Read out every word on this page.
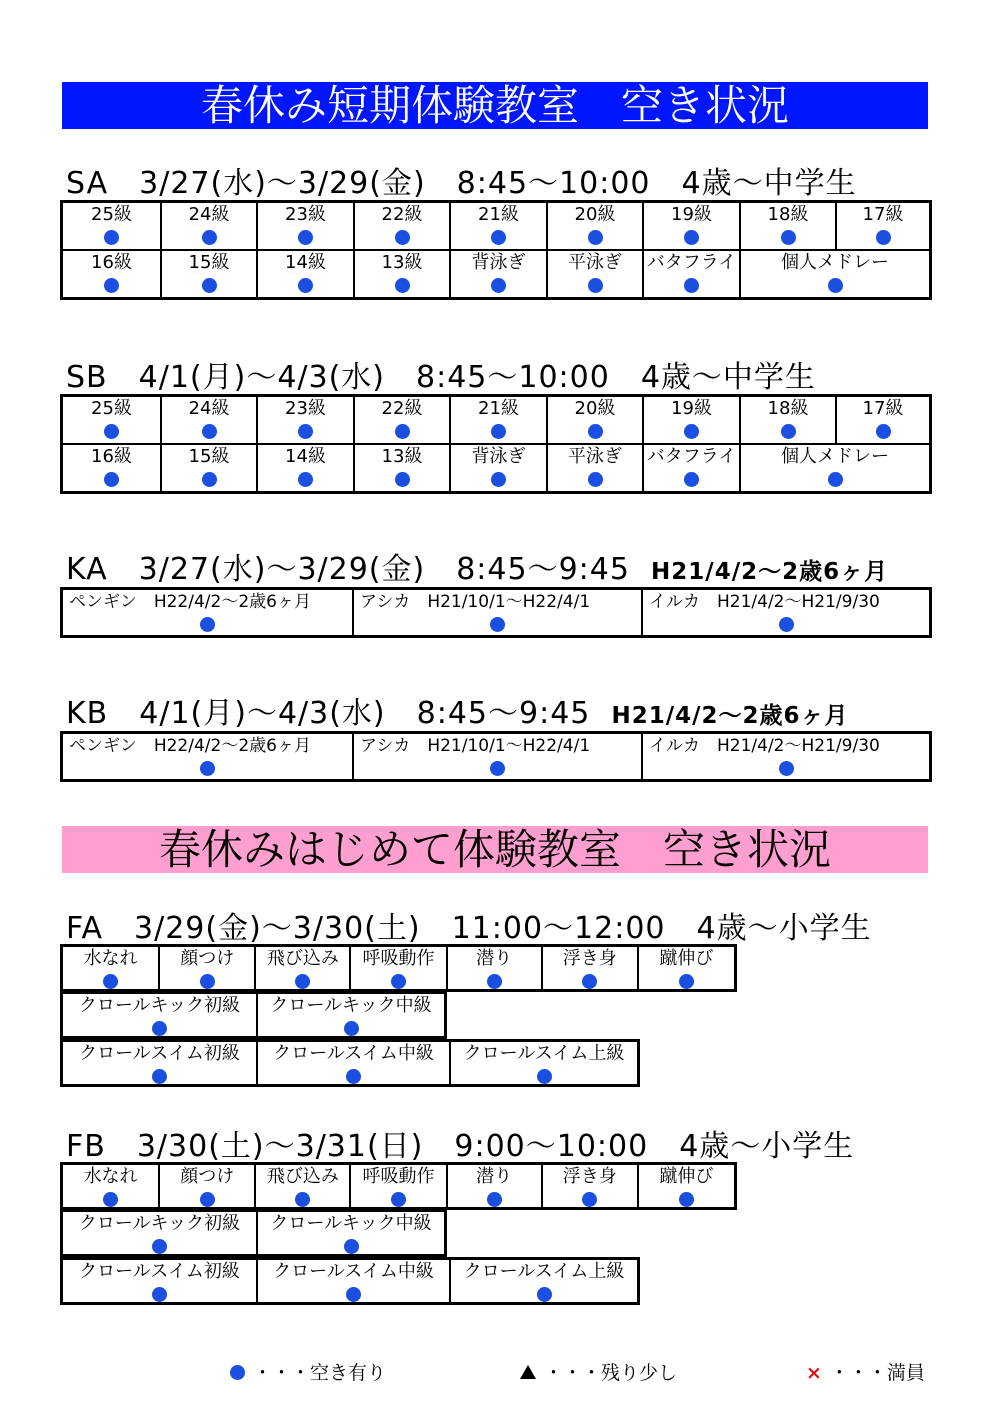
春休み短期体験教室　空き状況
SA　3/27(水)～3/29(金)　8:45～10:00　4歳～中学生
25級	24級	23級	22級	21級	20級	19級	18級	17級
16級	15級	14級	13級	背泳ぎ	平泳ぎ	バタフライ	個人メドレー
SB　4/1(月)～4/3(水)　8:45～10:00　4歳～中学生
25級	24級	23級	22級	21級	20級	19級	18級	17級
16級	15級	14級	13級	背泳ぎ	平泳ぎ	バタフライ	個人メドレー
KA　3/27(水)～3/29(金)　8:45～9:45 H21/4/2～2歳6ヶ月
ペンギン　H22/4/2～2歳6ヶ月	アシカ　H21/10/1～H22/4/1	イルカ　H21/4/2～H21/9/30
KB　4/1(月)～4/3(水)　8:45～9:45 H21/4/2～2歳6ヶ月
ペンギン　H22/4/2～2歳6ヶ月	アシカ　H21/10/1～H22/4/1	イルカ　H21/4/2～H21/9/30
春休みはじめて体験教室　空き状況
FA　3/29(金)～3/30(土)　11:00～12:00　4歳～小学生
水なれ	顔つけ	飛び込み	呼吸動作	潜り	浮き身	蹴伸び
クロールキック初級	クロールキック中級
クロールスイム初級	クロールスイム中級	クロールスイム上級
FB　3/30(土)～3/31(日)　9:00～10:00　4歳～小学生
水なれ	顔つけ	飛び込み	呼吸動作	潜り	浮き身	蹴伸び
クロールキック初級	クロールキック中級
クロールスイム初級	クロールスイム中級	クロールスイム上級
・・・空き有り	・・・残り少し	× ・・・満員
